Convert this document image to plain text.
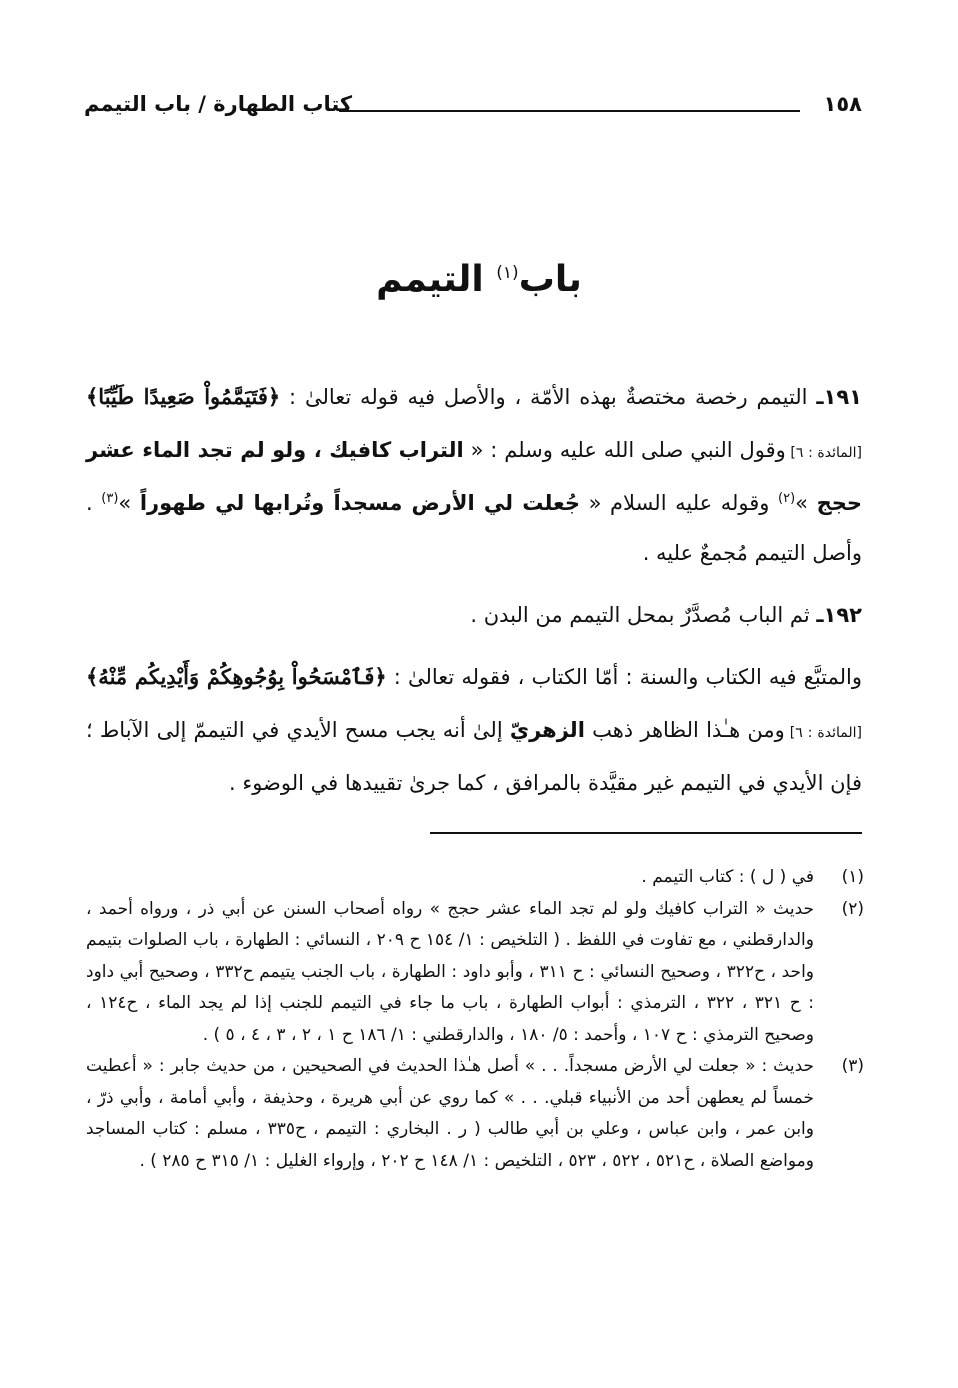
١٥٨
كتاب الطهارة / باب التيمم
باب$^{(١)}$ التيمم

١٩١ـ التيمم رخصة مختصةٌ بهذه الأمّة ، والأصل فيه قوله تعالىٰ : ﴿فَتَيَمَّمُواْ صَعِيدًا طَيِّبًا﴾ [المائدة : ٦] وقول النبي صلى الله عليه وسلم : « التراب كافيك ، ولو لم تجد الماء عشر حجج »$^{(٢)}$ وقوله عليه السلام « جُعلت لي الأرض مسجداً وتُرابها لي طهوراً »$^{(٣)}$ . وأصل التيمم مُجمعٌ عليه .

١٩٢ـ ثم الباب مُصدَّرٌ بمحل التيمم من البدن .

والمتبَّع فيه الكتاب والسنة : أمّا الكتاب ، فقوله تعالىٰ : ﴿فَٱمْسَحُواْ بِوُجُوهِكُمْ وَأَيْدِيكُم مِّنْهُ﴾ [المائدة : ٦] ومن هـٰذا الظاهر ذهب الزهريّ إلىٰ أنه يجب مسح الأيدي في التيممّ إلى الآباط ؛ فإن الأيدي في التيمم غير مقيَّدة بالمرافق ، كما جرىٰ تقييدها في الوضوء .

(١)
في ( ل ) : كتاب التيمم .
(٢)
حديث « التراب كافيك ولو لم تجد الماء عشر حجج » رواه أصحاب السنن عن أبي ذر ، ورواه أحمد ، والدارقطني ، مع تفاوت في اللفظ . ( التلخيص : ١/ ١٥٤ ح ٢٠٩ ، النسائي : الطهارة ، باب الصلوات بتيمم واحد ، ح٣٢٢ ، وصحيح النسائي : ح ٣١١ ، وأبو داود : الطهارة ، باب الجنب يتيمم ح٣٣٢ ، وصحيح أبي داود : ح ٣٢١ ، ٣٢٢ ، الترمذي : أبواب الطهارة ، باب ما جاء في التيمم للجنب إذا لم يجد الماء ، ح١٢٤ ، وصحيح الترمذي : ح ١٠٧ ، وأحمد : ٥/ ١٨٠ ، والدارقطني : ١/ ١٨٦ ح ١ ، ٢ ، ٣ ، ٤ ، ٥ ) .
(٣)
حديث : « جعلت لي الأرض مسجداً. . . » أصل هـٰذا الحديث في الصحيحين ، من حديث جابر : « أعطيت خمساً لم يعطهن أحد من الأنبياء قبلي. . . » كما روي عن أبي هريرة ، وحذيفة ، وأبي أمامة ، وأبي ذرّ ، وابن عمر ، وابن عباس ، وعلي بن أبي طالب ( ر . البخاري : التيمم ، ح٣٣٥ ، مسلم : كتاب المساجد ومواضع الصلاة ، ح٥٢١ ، ٥٢٢ ، ٥٢٣ ، التلخيص : ١/ ١٤٨ ح ٢٠٢ ، وإرواء الغليل : ١/ ٣١٥ ح ٢٨٥ ) .
